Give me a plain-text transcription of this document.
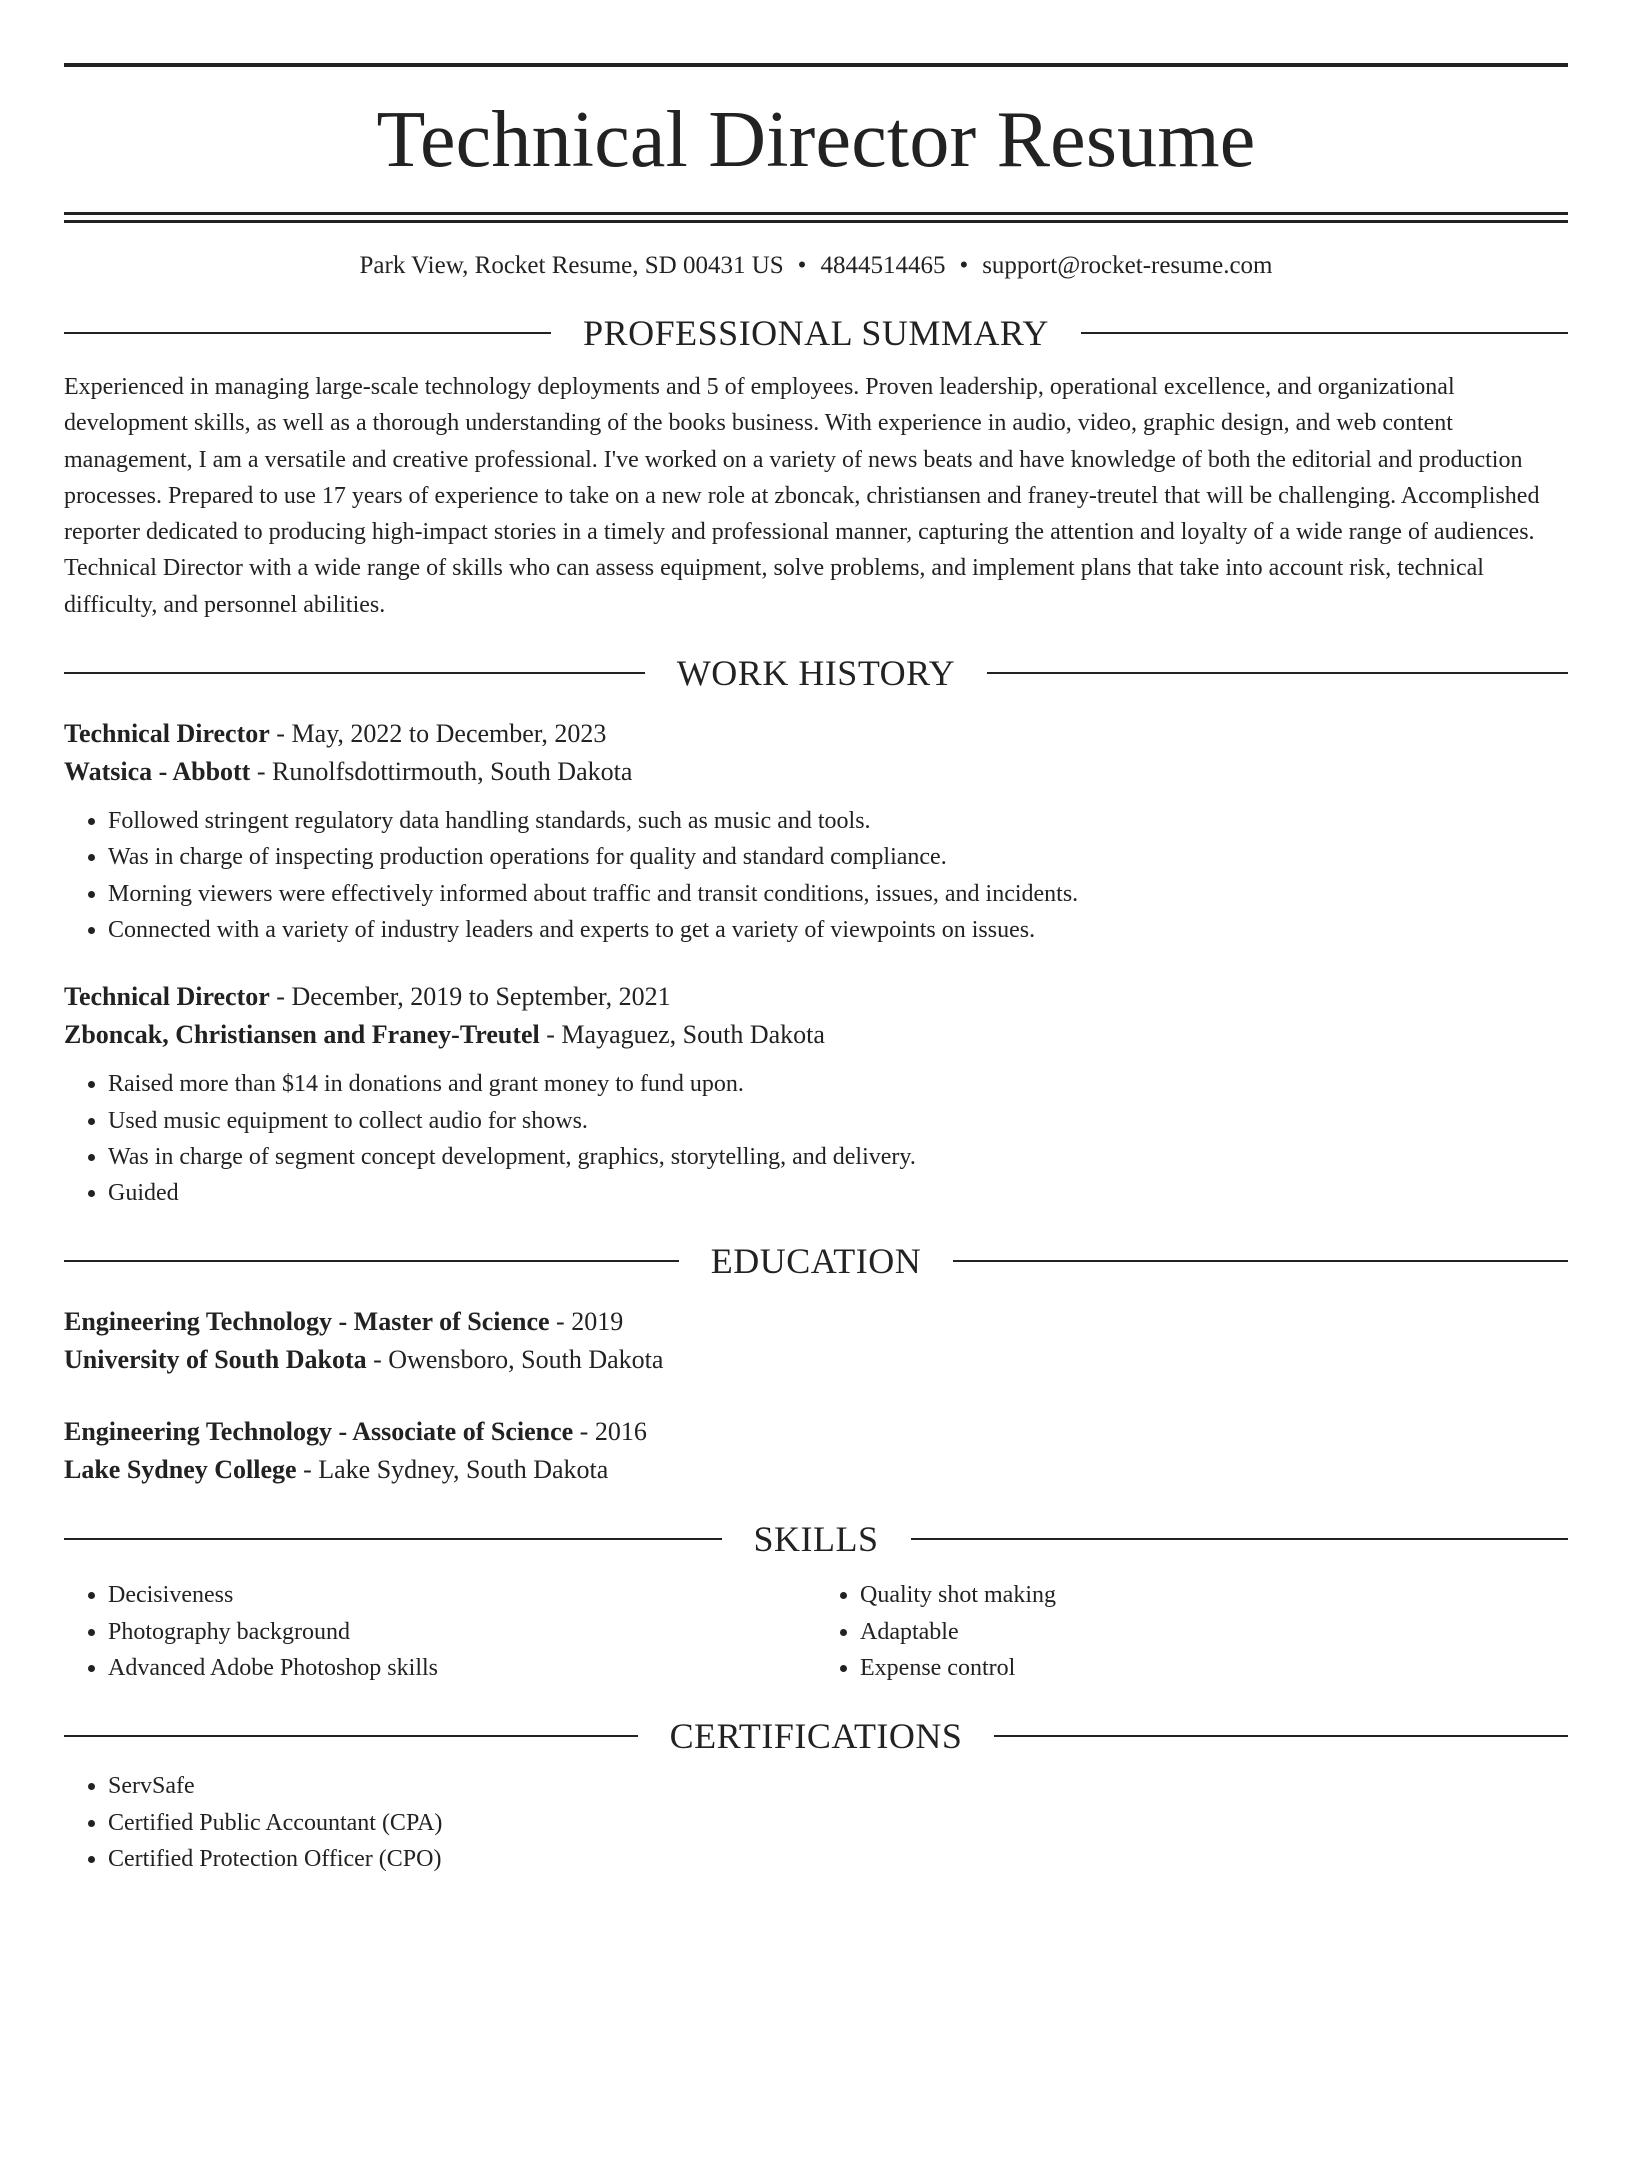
Technical Director Resume
Park View, Rocket Resume, SD 00431 US • 4844514465 • support@rocket-resume.com
PROFESSIONAL SUMMARY
Experienced in managing large-scale technology deployments and 5 of employees. Proven leadership, operational excellence, and organizational development skills, as well as a thorough understanding of the books business. With experience in audio, video, graphic design, and web content management, I am a versatile and creative professional. I've worked on a variety of news beats and have knowledge of both the editorial and production processes. Prepared to use 17 years of experience to take on a new role at zboncak, christiansen and franey-treutel that will be challenging. Accomplished reporter dedicated to producing high-impact stories in a timely and professional manner, capturing the attention and loyalty of a wide range of audiences. Technical Director with a wide range of skills who can assess equipment, solve problems, and implement plans that take into account risk, technical difficulty, and personnel abilities.
WORK HISTORY
Technical Director - May, 2022 to December, 2023
Watsica - Abbott - Runolfsdottirmouth, South Dakota
• Followed stringent regulatory data handling standards, such as music and tools.
• Was in charge of inspecting production operations for quality and standard compliance.
• Morning viewers were effectively informed about traffic and transit conditions, issues, and incidents.
• Connected with a variety of industry leaders and experts to get a variety of viewpoints on issues.
Technical Director - December, 2019 to September, 2021
Zboncak, Christiansen and Franey-Treutel - Mayaguez, South Dakota
• Raised more than $14 in donations and grant money to fund upon.
• Used music equipment to collect audio for shows.
• Was in charge of segment concept development, graphics, storytelling, and delivery.
• Guided
EDUCATION
Engineering Technology - Master of Science - 2019
University of South Dakota - Owensboro, South Dakota
Engineering Technology - Associate of Science - 2016
Lake Sydney College - Lake Sydney, South Dakota
SKILLS
• Decisiveness
• Photography background
• Advanced Adobe Photoshop skills
• Quality shot making
• Adaptable
• Expense control
CERTIFICATIONS
• ServSafe
• Certified Public Accountant (CPA)
• Certified Protection Officer (CPO)
